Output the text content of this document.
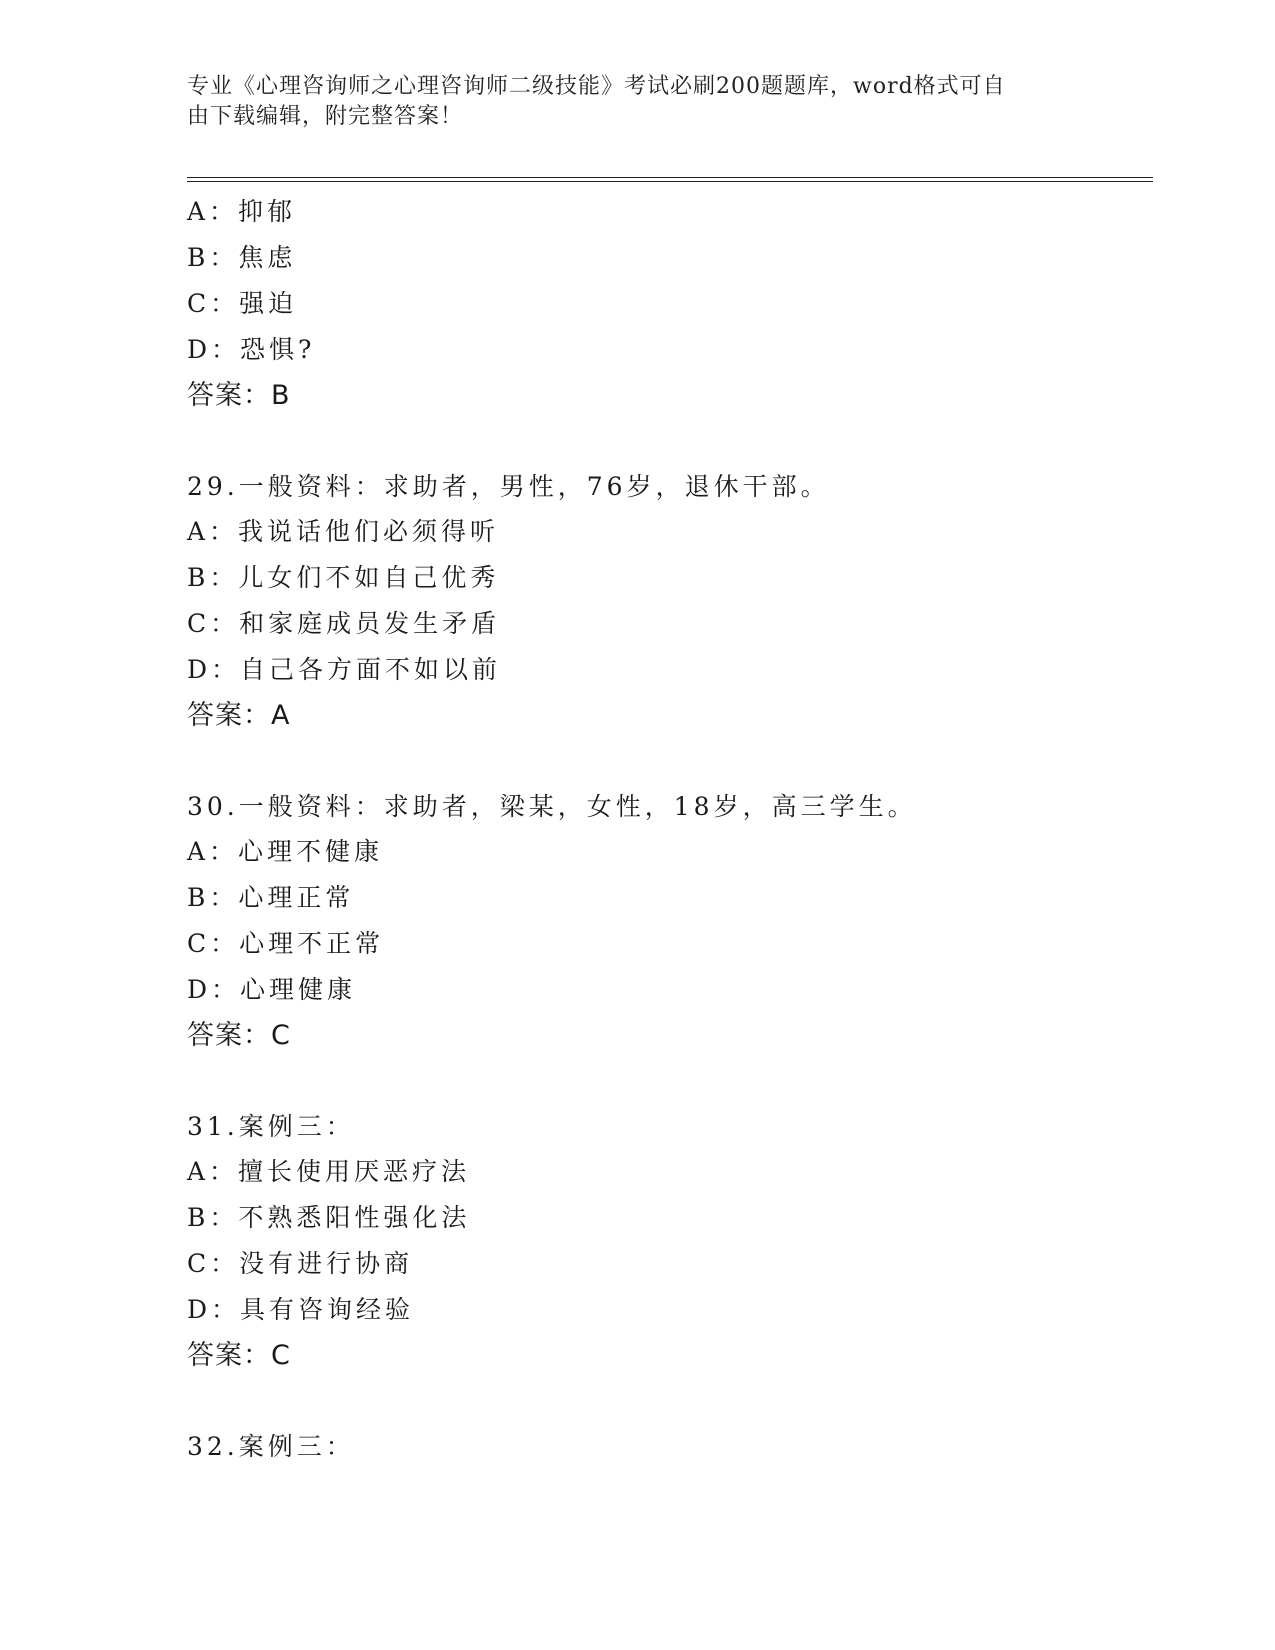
专业《心理咨询师之心理咨询师二级技能》考试必刷200题题库，word格式可自
由下载编辑，附完整答案！
A：抑郁
B：焦虑
C：强迫
D：恐惧?
答案：B
29.一般资料：求助者，男性，76岁，退休干部。
A：我说话他们必须得听
B：儿女们不如自己优秀
C：和家庭成员发生矛盾
D：自己各方面不如以前
答案：A
30.一般资料：求助者，梁某，女性，18岁，高三学生。
A：心理不健康
B：心理正常
C：心理不正常
D：心理健康
答案：C
31.案例三：
A：擅长使用厌恶疗法
B：不熟悉阳性强化法
C：没有进行协商
D：具有咨询经验
答案：C
32.案例三：
